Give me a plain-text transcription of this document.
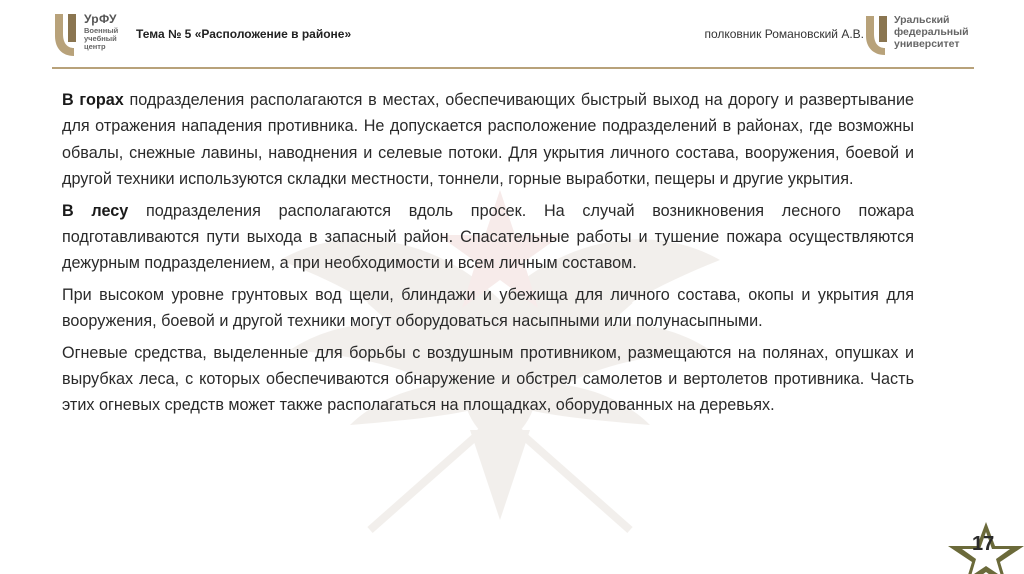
УрФУ
Военный учебный центр
Тема № 5 «Расположение в районе»	полковник Романовский А.В.
Уральский федеральный университет

В горах подразделения располагаются в местах, обеспечивающих быстрый выход на дорогу и развертывание для отражения нападения противника. Не допускается расположение подразделений в районах, где возможны обвалы, снежные лавины, наводнения и селевые потоки. Для укрытия личного состава, вооружения, боевой и другой техники используются складки местности, тоннели, горные выработки, пещеры и другие укрытия.

В лесу подразделения располагаются вдоль просек. На случай возникновения лесного пожара подготавливаются пути выхода в запасный район. Спасательные работы и тушение пожара осуществляются дежурным подразделением, а при необходимости и всем личным составом.

При высоком уровне грунтовых вод щели, блиндажи и убежища для личного состава, окопы и укрытия для вооружения, боевой и другой техники могут оборудоваться насыпными или полунасыпными.

Огневые средства, выделенные для борьбы с воздушным противником, размещаются на полянах, опушках и вырубках леса, с которых обеспечиваются обнаружение и обстрел самолетов и вертолетов противника. Часть этих огневых средств может также располагаться на площадках, оборудованных на деревьях.

17
